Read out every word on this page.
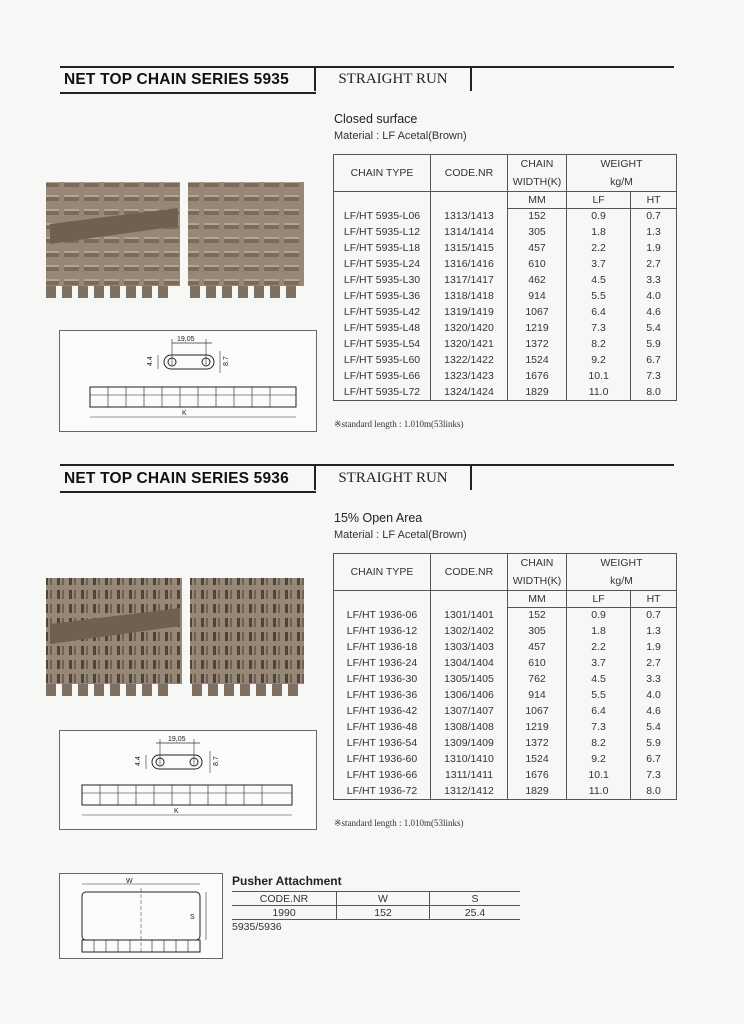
NET TOP CHAIN SERIES 5935	STRAIGHT RUN
Closed surface
Material : LF Acetal(Brown)
19,05
4.4	8.7
K
CHAIN TYPE	CODE.NR	CHAIN	WEIGHT	
		WIDTH(K)	kg/M	
		MM	LF	HT
LF/HT 5935-L06	1313/1413	152	0.9	0.7
LF/HT 5935-L12	1314/1414	305	1.8	1.3
LF/HT 5935-L18	1315/1415	457	2.2	1.9
LF/HT 5935-L24	1316/1416	610	3.7	2.7
LF/HT 5935-L30	1317/1417	462	4.5	3.3
LF/HT 5935-L36	1318/1418	914	5.5	4.0
LF/HT 5935-L42	1319/1419	1067	6.4	4.6
LF/HT 5935-L48	1320/1420	1219	7.3	5.4
LF/HT 5935-L54	1320/1421	1372	8.2	5.9
LF/HT 5935-L60	1322/1422	1524	9.2	6.7
LF/HT 5935-L66	1323/1423	1676	10.1	7.3
LF/HT 5935-L72	1324/1424	1829	11.0	8.0
※standard length : 1.010m(53links)
NET TOP CHAIN SERIES 5936	STRAIGHT RUN
15% Open Area
Material : LF Acetal(Brown)
19,05
4.4	8.7
K
CHAIN TYPE	CODE.NR	CHAIN	WEIGHT	
		WIDTH(K)	kg/M	
		MM	LF	HT
LF/HT 1936-06	1301/1401	152	0.9	0.7
LF/HT 1936-12	1302/1402	305	1.8	1.3
LF/HT 1936-18	1303/1403	457	2.2	1.9
LF/HT 1936-24	1304/1404	610	3.7	2.7
LF/HT 1936-30	1305/1405	762	4.5	3.3
LF/HT 1936-36	1306/1406	914	5.5	4.0
LF/HT 1936-42	1307/1407	1067	6.4	4.6
LF/HT 1936-48	1308/1408	1219	7.3	5.4
LF/HT 1936-54	1309/1409	1372	8.2	5.9
LF/HT 1936-60	1310/1410	1524	9.2	6.7
LF/HT 1936-66	1311/1411	1676	10.1	7.3
LF/HT 1936-72	1312/1412	1829	11.0	8.0
※standard length : 1.010m(53links)
W
S
Pusher Attachment
CODE.NR	W	S
1990	152	25.4
5935/5936
